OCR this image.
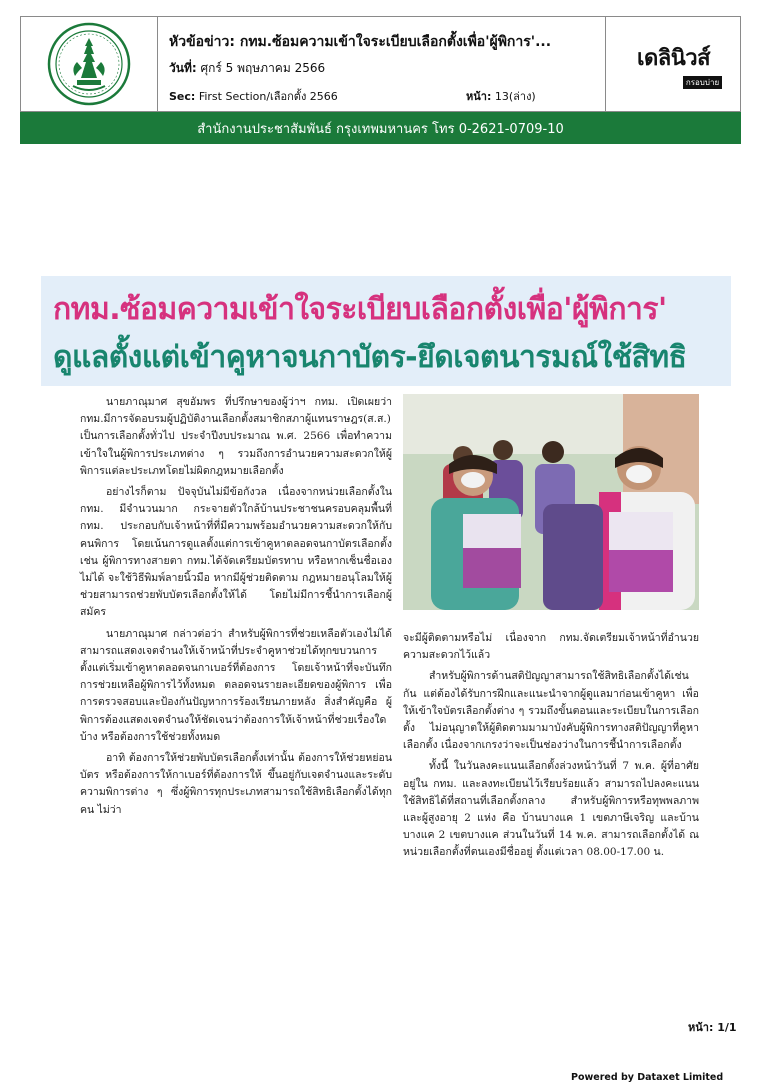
หัวข้อข่าว: กทม.ซ้อมความเข้าใจระเบียบเลือกตั้งเพื่อ'ผู้พิการ'...
วันที่: ศุกร์ 5 พฤษภาคม 2566
Sec: First Section/เลือกตั้ง 2566	หน้า: 13(ล่าง)
เดลินิวส์
กรอบบ่าย
สำนักงานประชาสัมพันธ์ กรุงเทพมหานคร โทร 0-2621-0709-10
กทม.ซ้อมความเข้าใจระเบียบเลือกตั้งเพื่อ'ผู้พิการ'
ดูแลตั้งแต่เข้าคูหาจนกาบัตร-ยึดเจตนารมณ์ใช้สิทธิ

นายภาณุมาศ สุขอัมพร ที่ปรึกษาของผู้ว่าฯ กทม. เปิดเผยว่า กทม.มีการจัดอบรมผู้ปฏิบัติงานเลือกตั้งสมาชิกสภาผู้แทนราษฎร(ส.ส.) เป็นการเลือกตั้งทั่วไป ประจำปีงบประมาณ พ.ศ. 2566 เพื่อทำความเข้าใจในผู้พิการประเภทต่าง ๆ รวมถึงการอำนวยความสะดวกให้ผู้พิการแต่ละประเภทโดยไม่ผิดกฎหมายเลือกตั้ง

อย่างไรก็ตาม ปัจจุบันไม่มีข้อกังวล เนื่องจากหน่วยเลือกตั้งใน กทม. มีจำนวนมาก กระจายตัวใกล้บ้านประชาชนครอบคลุมพื้นที่ กทม. ประกอบกับเจ้าหน้าที่ที่มีความพร้อมอำนวยความสะดวกให้กับคนพิการ โดยเน้นการดูแลตั้งแต่การเข้าคูหาตลอดจนกาบัตรเลือกตั้ง เช่น ผู้พิการทางสายตา กทม.ได้จัดเตรียมบัตรทาบ หรือหากเซ็นชื่อเองไม่ได้ จะใช้วิธีพิมพ์ลายนิ้วมือ หากมีผู้ช่วยติดตาม กฎหมายอนุโลมให้ผู้ช่วยสามารถช่วยพับบัตรเลือกตั้งให้ได้ โดยไม่มีการชี้นำการเลือกผู้สมัคร

นายภาณุมาศ กล่าวต่อว่า สำหรับผู้พิการที่ช่วยเหลือตัวเองไม่ได้ สามารถแสดงเจตจำนงให้เจ้าหน้าที่ประจำคูหาช่วยได้ทุกขบวนการตั้งแต่เริ่มเข้าคูหาตลอดจนกาเบอร์ที่ต้องการ โดยเจ้าหน้าที่จะบันทึกการช่วยเหลือผู้พิการไว้ทั้งหมด ตลอดจนรายละเอียดของผู้พิการ เพื่อการตรวจสอบและป้องกันปัญหาการร้องเรียนภายหลัง สิ่งสำคัญคือ ผู้พิการต้องแสดงเจตจำนงให้ชัดเจนว่าต้องการให้เจ้าหน้าที่ช่วยเรื่องใดบ้าง หรือต้องการใช้ช่วยทั้งหมด

อาทิ ต้องการให้ช่วยพับบัตรเลือกตั้งเท่านั้น ต้องการให้ช่วยหย่อนบัตร หรือต้องการให้กาเบอร์ที่ต้องการให้ ขึ้นอยู่กับเจตจำนงและระดับความพิการต่าง ๆ ซึ่งผู้พิการทุกประเภทสามารถใช้สิทธิเลือกตั้งได้ทุกคน ไม่ว่า

จะมีผู้ติดตามหรือไม่ เนื่องจาก กทม.จัดเตรียมเจ้าหน้าที่อำนวยความสะดวกไว้แล้ว

สำหรับผู้พิการด้านสติปัญญาสามารถใช้สิทธิเลือกตั้งได้เช่นกัน แต่ต้องได้รับการฝึกและแนะนำจากผู้ดูแลมาก่อนเข้าคูหา เพื่อให้เข้าใจบัตรเลือกตั้งต่าง ๆ รวมถึงขั้นตอนและระเบียบในการเลือกตั้ง ไม่อนุญาตให้ผู้ติดตามมามาบังคับผู้พิการทางสติปัญญาที่คูหาเลือกตั้ง เนื่องจากเกรงว่าจะเป็นช่องว่างในการชี้นำการเลือกตั้ง

ทั้งนี้ ในวันลงคะแนนเลือกตั้งล่วงหน้าวันที่ 7 พ.ค. ผู้ที่อาศัยอยู่ใน กทม. และลงทะเบียนไว้เรียบร้อยแล้ว สามารถไปลงคะแนนใช้สิทธิได้ที่สถานที่เลือกตั้งกลาง สำหรับผู้พิการหรือทุพพลภาพ และผู้สูงอายุ 2 แห่ง คือ บ้านบางแค 1 เขตภาษีเจริญ และบ้านบางแค 2 เขตบางแค ส่วนในวันที่ 14 พ.ค. สามารถเลือกตั้งได้ ณ หน่วยเลือกตั้งที่ตนเองมีชื่ออยู่ ตั้งแต่เวลา 08.00-17.00 น.

หน้า: 1/1
Powered by Dataxet Limited
